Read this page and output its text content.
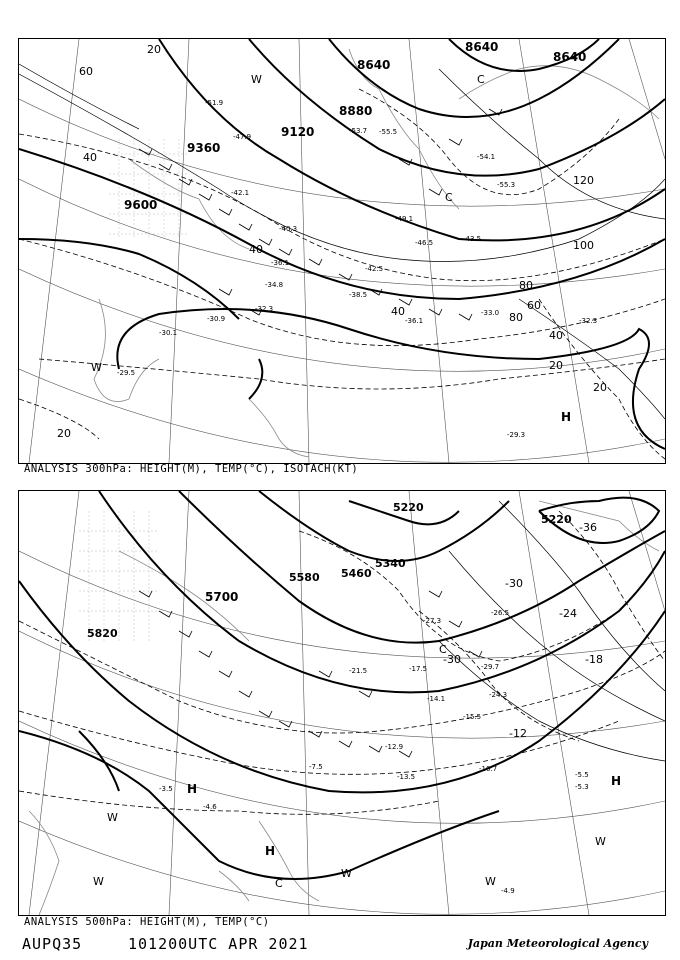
9600
9360
9120
8880
8640
8640
8640
20
40
60
80
100
120
80
60
40
20
20
20
40
40
-51.9
-47.9
-42.1
-40.3
-36.1
-34.8
-32.3
-30.9
-30.1
-29.5
-29.3
-55.5
-53.7
-54.1
-55.3
-49.1
-46.5	-43.5
-42.5
-38.5
-36.1
-33.0
-32.3
H
C
W
C
W
ANALYSIS 300hPa: HEIGHT(M), TEMP(°C), ISOTACH(KT)
5820
5700
5580 5460
5340
5220
5220
-30
-24
-18
-12
-30
-36
-3.5
-4.6
-5.5
-7.5	-10.7
-12.9
-13.5
-14.1
-15.5
-17.5
-21.5
-24.3
-26.5
-27.3
-29.7
-4.9
-5.3
H
H
H
C
C
W
W
W
W
W
ANALYSIS 500hPa: HEIGHT(M), TEMP(°C)
AUPQ35	101200UTC APR 2021	Japan Meteorological Agency
